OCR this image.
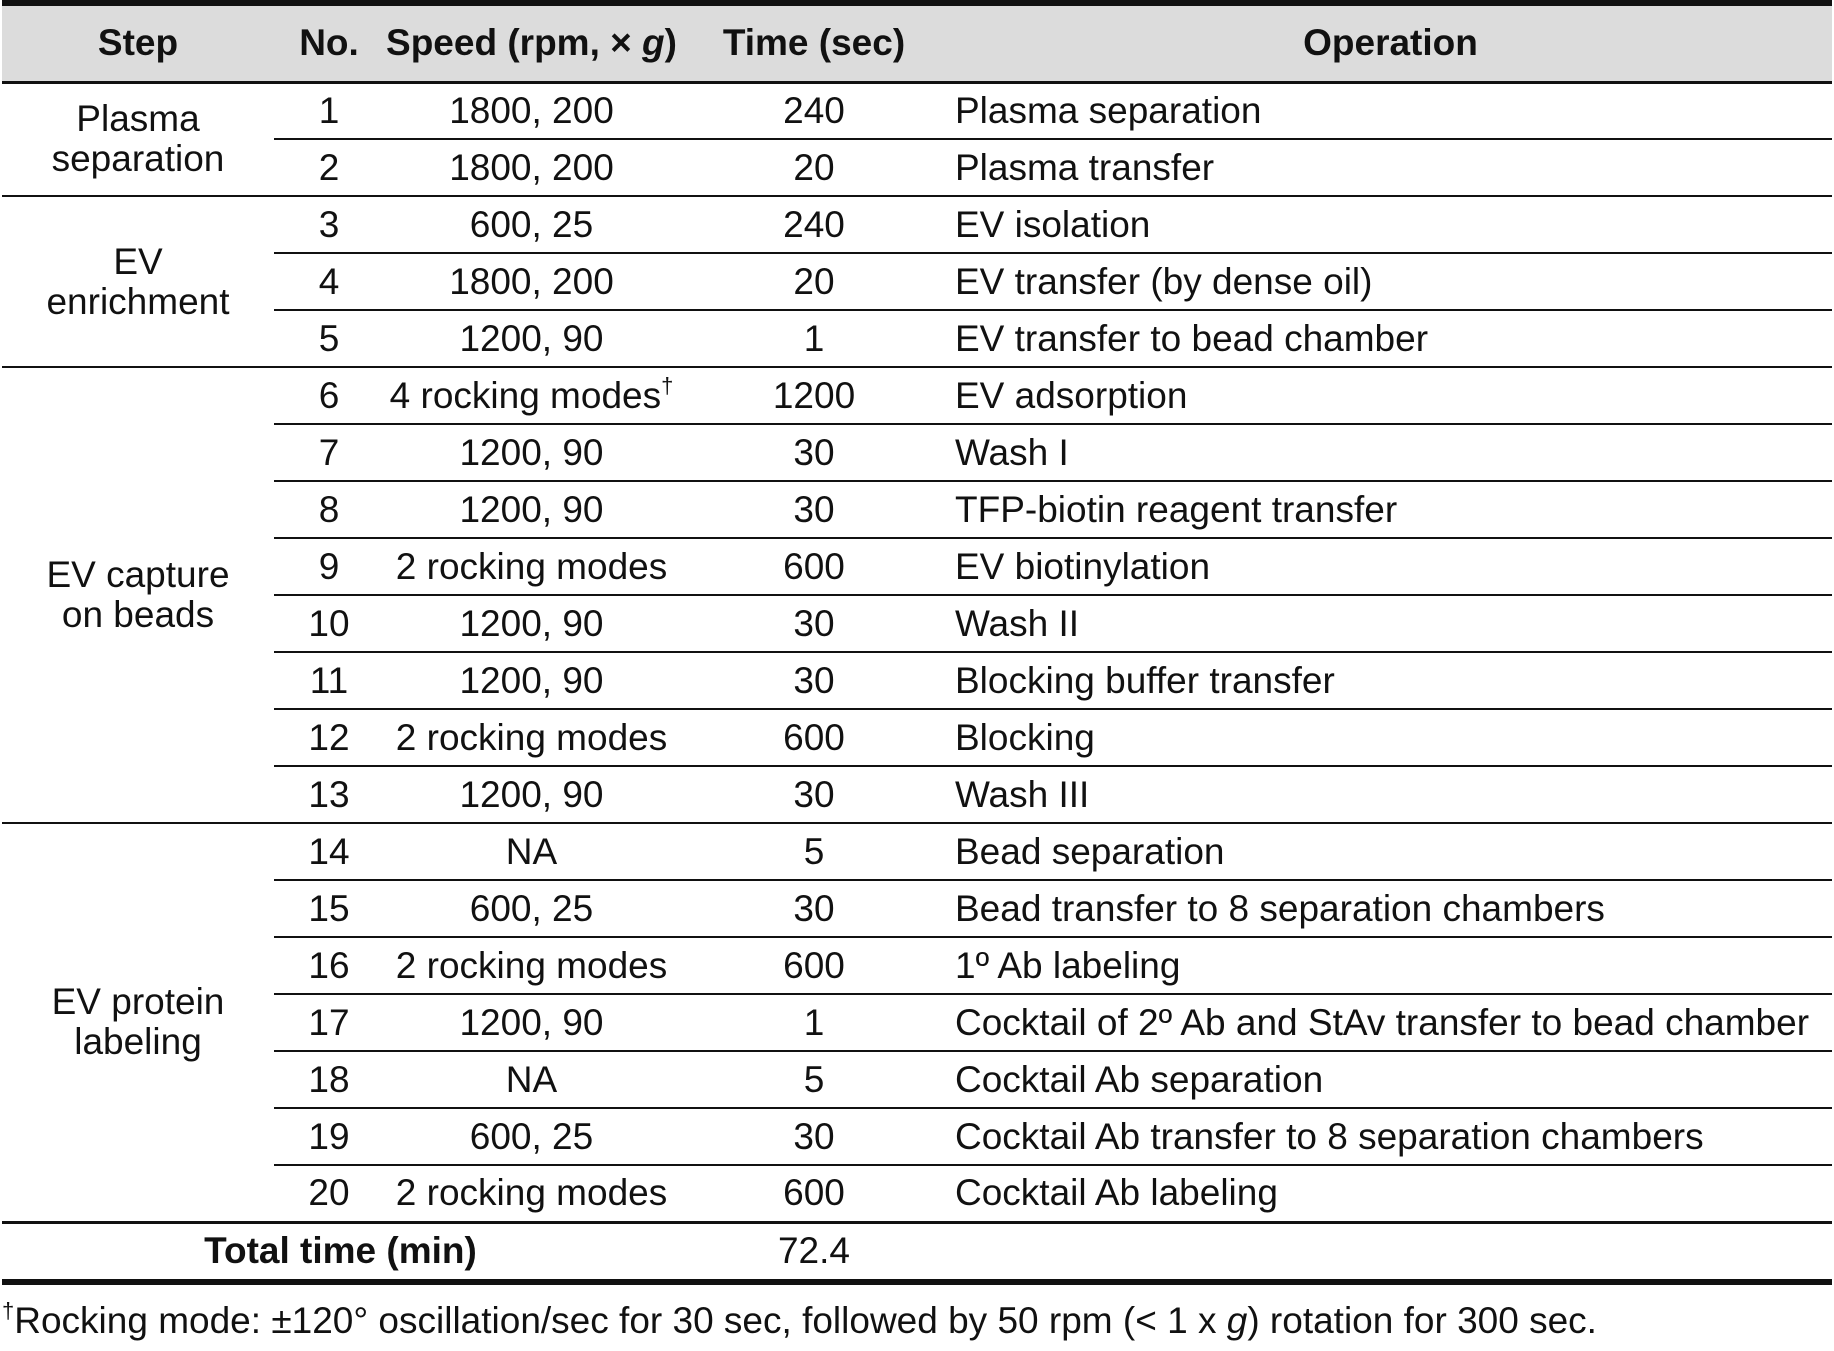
Step	No.	Speed (rpm, × g)	Time (sec)	Operation

Plasma
separation	1	1800, 200	240	Plasma separation
	2	1800, 200	20	Plasma transfer

EV
enrichment	3	600, 25	240	EV isolation
	4	1800, 200	20	EV transfer (by dense oil)
	5	1200, 90	1	EV transfer to bead chamber

EV capture
on beads	6	4 rocking modes†	1200	EV adsorption
	7	1200, 90	30	Wash I
	8	1200, 90	30	TFP-biotin reagent transfer
	9	2 rocking modes	600	EV biotinylation
	10	1200, 90	30	Wash II
	11	1200, 90	30	Blocking buffer transfer
	12	2 rocking modes	600	Blocking
	13	1200, 90	30	Wash III

EV protein
labeling	14	NA	5	Bead separation
	15	600, 25	30	Bead transfer to 8 separation chambers
	16	2 rocking modes	600	1º Ab labeling
	17	1200, 90	1	Cocktail of 2º Ab and StAv transfer to bead chamber
	18	NA	5	Cocktail Ab separation
	19	600, 25	30	Cocktail Ab transfer to 8 separation chambers
	20	2 rocking modes	600	Cocktail Ab labeling
Total time (min)			72.4	
†Rocking mode: ±120° oscillation/sec for 30 sec, followed by 50 rpm (< 1 x g) rotation for 300 sec.
